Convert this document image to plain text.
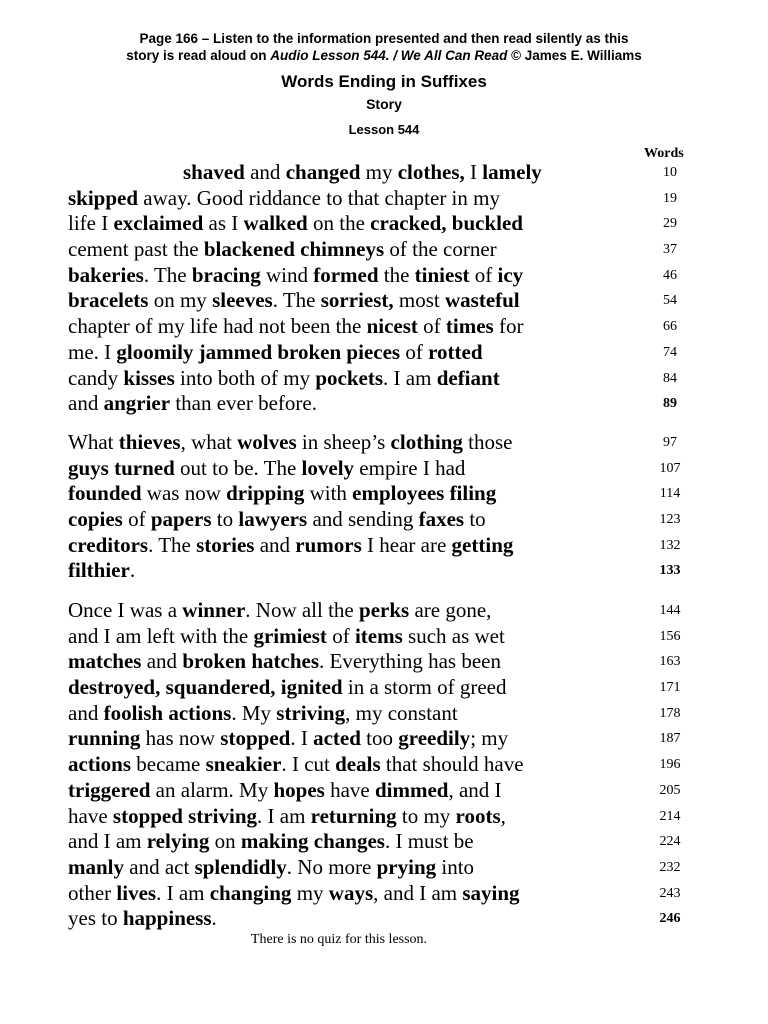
Page 166 – Listen to the information presented and then read silently as this
story is read aloud on Audio Lesson 544. / We All Can Read © James E. Williams
Words Ending in Suffixes
Story
Lesson 544
Words
shaved and changed my clothes, I lamely	10
skipped away. Good riddance to that chapter in my	19
life I exclaimed as I walked on the cracked, buckled	29
cement past the blackened chimneys of the corner	37
bakeries. The bracing wind formed the tiniest of icy	46
bracelets on my sleeves. The sorriest, most wasteful	54
chapter of my life had not been the nicest of times for	66
me. I gloomily jammed broken pieces of rotted	74
candy kisses into both of my pockets. I am defiant	84
and angrier than ever before.	89
What thieves, what wolves in sheep’s clothing those	97
guys turned out to be. The lovely empire I had	107
founded was now dripping with employees filing	114
copies of papers to lawyers and sending faxes to	123
creditors. The stories and rumors I hear are getting	132
filthier.	133
Once I was a winner. Now all the perks are gone,	144
and I am left with the grimiest of items such as wet	156
matches and broken hatches. Everything has been	163
destroyed, squandered, ignited in a storm of greed	171
and foolish actions. My striving, my constant	178
running has now stopped. I acted too greedily; my	187
actions became sneakier. I cut deals that should have	196
triggered an alarm. My hopes have dimmed, and I	205
have stopped striving. I am returning to my roots,	214
and I am relying on making changes. I must be	224
manly and act splendidly. No more prying into	232
other lives. I am changing my ways, and I am saying	243
yes to happiness.	246
There is no quiz for this lesson.
